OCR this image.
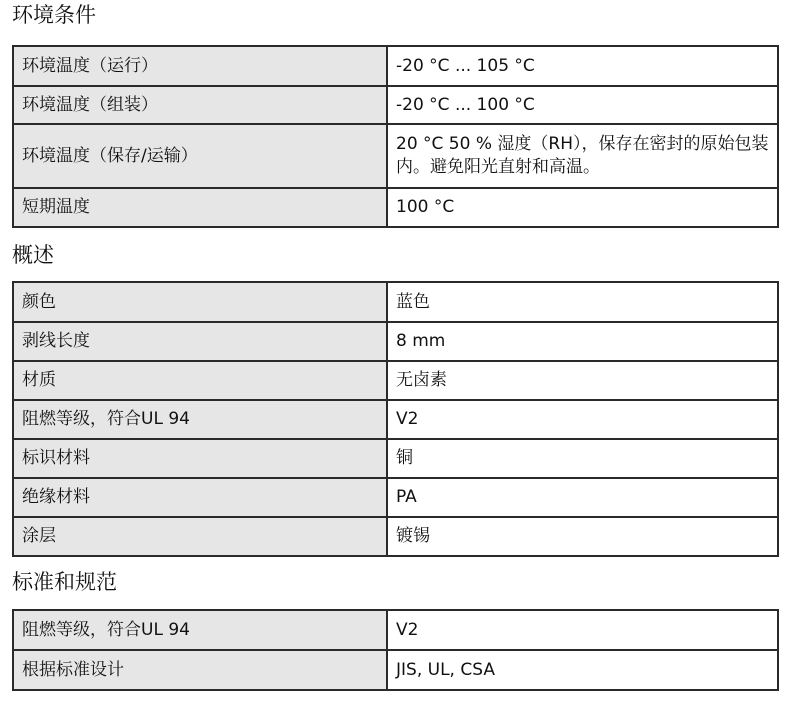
环境条件
环境温度（运行）	-20 °C ... 105 °C
环境温度（组装）	-20 °C ... 100 °C
环境温度（保存/运输）	20 °C 50 % 湿度（RH），保存在密封的原始包装内。避免阳光直射和高温。
短期温度	100 °C
概述
颜色	蓝色
剥线长度	8 mm
材质	无卤素
阻燃等级，符合UL 94	V2
标识材料	铜
绝缘材料	PA
涂层	镀锡
标准和规范
阻燃等级，符合UL 94	V2
根据标准设计	JIS, UL, CSA
